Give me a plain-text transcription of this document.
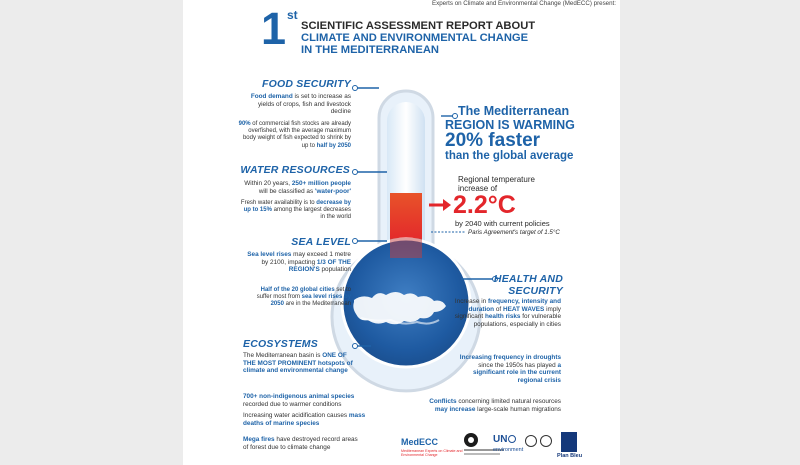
Experts on Climate and Environmental Change (MedECC) present:
1 st
SCIENTIFIC ASSESSMENT REPORT ABOUT
CLIMATE AND ENVIRONMENTAL CHANGE
IN THE MEDITERRANEAN
FOOD SECURITY
Food demand is set to increase as yields of crops, fish and livestock decline
90% of commercial fish stocks are already overfished, with the average maximum body weight of fish expected to shrink by up to half by 2050
WATER RESOURCES
Within 20 years, 250+ million people will be classified as 'water-poor'
Fresh water availability is to decrease by up to 15% among the largest decreases in the world
SEA LEVEL
Sea level rises may exceed 1 metre by 2100, impacting 1/3 OF THE REGION'S population
Half of the 20 global cities set to suffer most from sea level rises by 2050 are in the Mediterranean
ECOSYSTEMS
The Mediterranean basin is ONE OF THE MOST PROMINENT hotspots of climate and environmental change
700+ non-indigenous animal species recorded due to warmer conditions
Increasing water acidification causes mass deaths of marine species
Mega fires have destroyed record areas of forest due to climate change
The Mediterranean
REGION IS WARMING
20% faster
than the global average
Regional temperature
increase of
2.2°C
by 2040 with current policies
Paris Agreement's target of 1.5°C
HEALTH AND
SECURITY
Increase in frequency, intensity and duration of HEAT WAVES imply significant health risks for vulnerable populations, especially in cities
Increasing frequency in droughts since the 1950s has played a significant role in the current regional crisis
Conflicts concerning limited natural resources may increase large-scale human migrations
MedECC
Mediterranean Experts on Climate and Environmental Change
UN
environment
Plan Bleu
